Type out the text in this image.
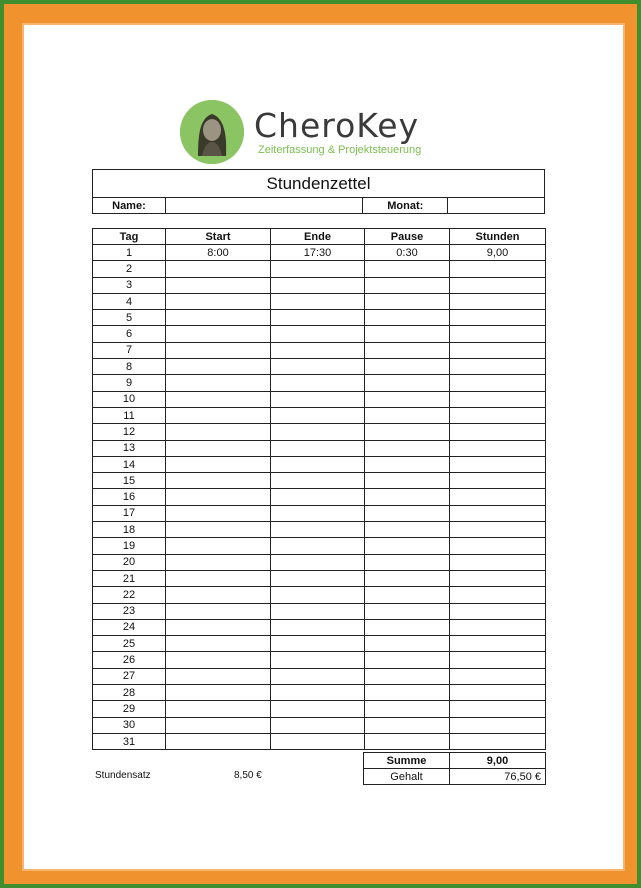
CheroKey
Zeiterfassung & Projektsteuerung
Stundenzettel
Name:		Monat:	
Tag	Start	Ende	Pause	Stunden
1	8:00	17:30	0:30	9,00
2				
3				
4				
5				
6				
7				
8				
9				
10				
11				
12				
13				
14				
15				
16				
17				
18				
19				
20				
21				
22				
23				
24				
25				
26				
27				
28				
29				
30				
31				
Summe	9,00
Gehalt	76,50 €
Stundensatz	8,50 €
